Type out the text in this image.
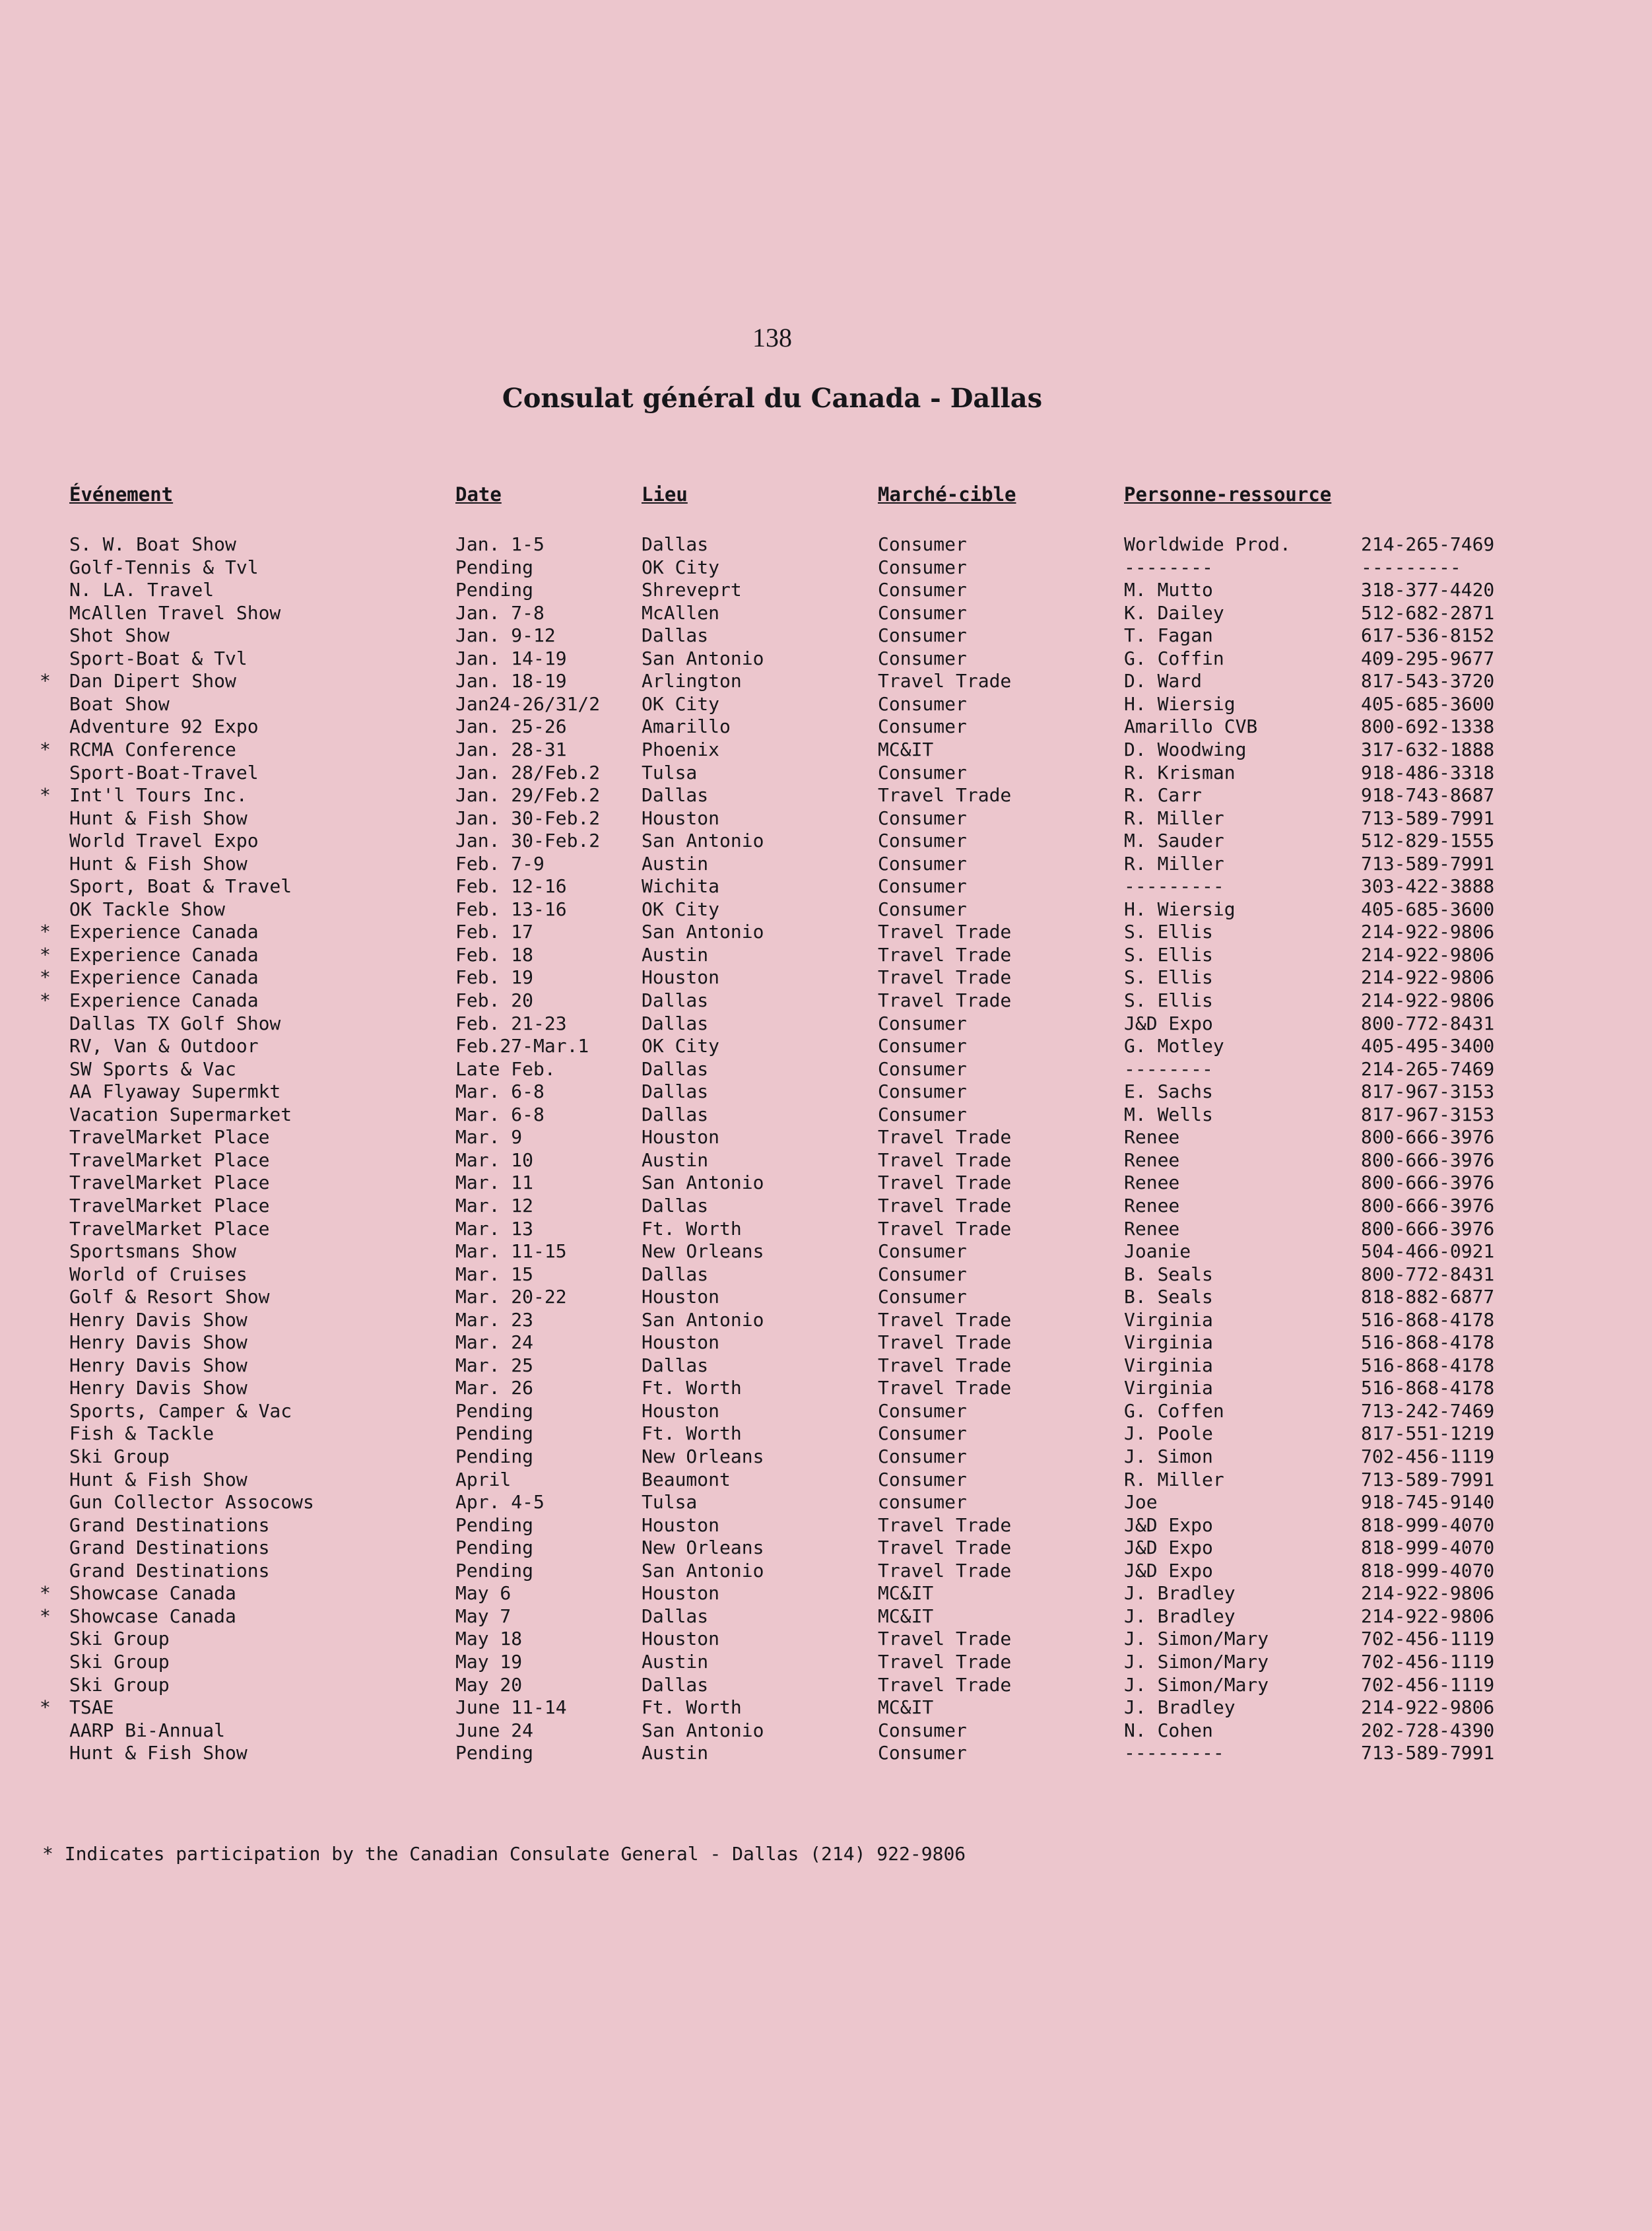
138
Consulat général du Canada - Dallas
Événement	Date	Lieu	Marché-cible	Personne-ressource
S. W. Boat Show	Jan. 1-5	Dallas	Consumer	Worldwide Prod.	214-265-7469
Golf-Tennis & Tvl	Pending	OK City	Consumer	--------	---------
N. LA. Travel	Pending	Shreveprt	Consumer	M. Mutto	318-377-4420
McAllen Travel Show	Jan. 7-8	McAllen	Consumer	K. Dailey	512-682-2871
Shot Show	Jan. 9-12	Dallas	Consumer	T. Fagan	617-536-8152
Sport-Boat & Tvl	Jan. 14-19	San Antonio	Consumer	G. Coffin	409-295-9677
*	Dan Dipert Show	Jan. 18-19	Arlington	Travel Trade	D. Ward	817-543-3720
Boat Show	Jan24-26/31/2 OK City	Consumer	H. Wiersig	405-685-3600
Adventure 92 Expo	Jan. 25-26	Amarillo	Consumer	Amarillo CVB	800-692-1338
*	RCMA Conference	Jan. 28-31	Phoenix	MC&IT	D. Woodwing	317-632-1888
Sport-Boat-Travel	Jan. 28/Feb.2 Tulsa	Consumer	R. Krisman	918-486-3318
*	Int'l Tours Inc.	Jan. 29/Feb.2 Dallas	Travel Trade	R. Carr	918-743-8687
Hunt & Fish Show	Jan. 30-Feb.2 Houston	Consumer	R. Miller	713-589-7991
World Travel Expo	Jan. 30-Feb.2 San Antonio	Consumer	M. Sauder	512-829-1555
Hunt & Fish Show	Feb. 7-9	Austin	Consumer	R. Miller	713-589-7991
Sport, Boat & Travel	Feb. 12-16	Wichita	Consumer	---------	303-422-3888
OK Tackle Show	Feb. 13-16	OK City	Consumer	H. Wiersig	405-685-3600
*	Experience Canada	Feb. 17	San Antonio	Travel Trade	S. Ellis	214-922-9806
*	Experience Canada	Feb. 18	Austin	Travel Trade	S. Ellis	214-922-9806
*	Experience Canada	Feb. 19	Houston	Travel Trade	S. Ellis	214-922-9806
*	Experience Canada	Feb. 20	Dallas	Travel Trade	S. Ellis	214-922-9806
Dallas TX Golf Show	Feb. 21-23	Dallas	Consumer	J&D Expo	800-772-8431
RV, Van & Outdoor	Feb.27-Mar.1	OK City	Consumer	G. Motley	405-495-3400
SW Sports & Vac	Late Feb.	Dallas	Consumer	--------	214-265-7469
AA Flyaway Supermkt	Mar. 6-8	Dallas	Consumer	E. Sachs	817-967-3153
Vacation Supermarket	Mar. 6-8	Dallas	Consumer	M. Wells	817-967-3153
TravelMarket Place	Mar. 9	Houston	Travel Trade	Renee	800-666-3976
TravelMarket Place	Mar. 10	Austin	Travel Trade	Renee	800-666-3976
TravelMarket Place	Mar. 11	San Antonio	Travel Trade	Renee	800-666-3976
TravelMarket Place	Mar. 12	Dallas	Travel Trade	Renee	800-666-3976
TravelMarket Place	Mar. 13	Ft. Worth	Travel Trade	Renee	800-666-3976
Sportsmans Show	Mar. 11-15	New Orleans	Consumer	Joanie	504-466-0921
World of Cruises	Mar. 15	Dallas	Consumer	B. Seals	800-772-8431
Golf & Resort Show	Mar. 20-22	Houston	Consumer	B. Seals	818-882-6877
Henry Davis Show	Mar. 23	San Antonio	Travel Trade	Virginia	516-868-4178
Henry Davis Show	Mar. 24	Houston	Travel Trade	Virginia	516-868-4178
Henry Davis Show	Mar. 25	Dallas	Travel Trade	Virginia	516-868-4178
Henry Davis Show	Mar. 26	Ft. Worth	Travel Trade	Virginia	516-868-4178
Sports, Camper & Vac	Pending	Houston	Consumer	G. Coffen	713-242-7469
Fish & Tackle	Pending	Ft. Worth	Consumer	J. Poole	817-551-1219
Ski Group	Pending	New Orleans	Consumer	J. Simon	702-456-1119
Hunt & Fish Show	April	Beaumont	Consumer	R. Miller	713-589-7991
Gun Collector Assocows	Apr. 4-5	Tulsa	consumer	Joe	918-745-9140
Grand Destinations	Pending	Houston	Travel Trade	J&D Expo	818-999-4070
Grand Destinations	Pending	New Orleans	Travel Trade	J&D Expo	818-999-4070
Grand Destinations	Pending	San Antonio	Travel Trade	J&D Expo	818-999-4070
*	Showcase Canada	May 6	Houston	MC&IT	J. Bradley	214-922-9806
*	Showcase Canada	May 7	Dallas	MC&IT	J. Bradley	214-922-9806
Ski Group	May 18	Houston	Travel Trade	J. Simon/Mary	702-456-1119
Ski Group	May 19	Austin	Travel Trade	J. Simon/Mary	702-456-1119
Ski Group	May 20	Dallas	Travel Trade	J. Simon/Mary	702-456-1119
*	TSAE	June 11-14	Ft. Worth	MC&IT	J. Bradley	214-922-9806
AARP Bi-Annual	June 24	San Antonio	Consumer	N. Cohen	202-728-4390
Hunt & Fish Show	Pending	Austin	Consumer	---------	713-589-7991
* Indicates participation by the Canadian Consulate General - Dallas (214) 922-9806
